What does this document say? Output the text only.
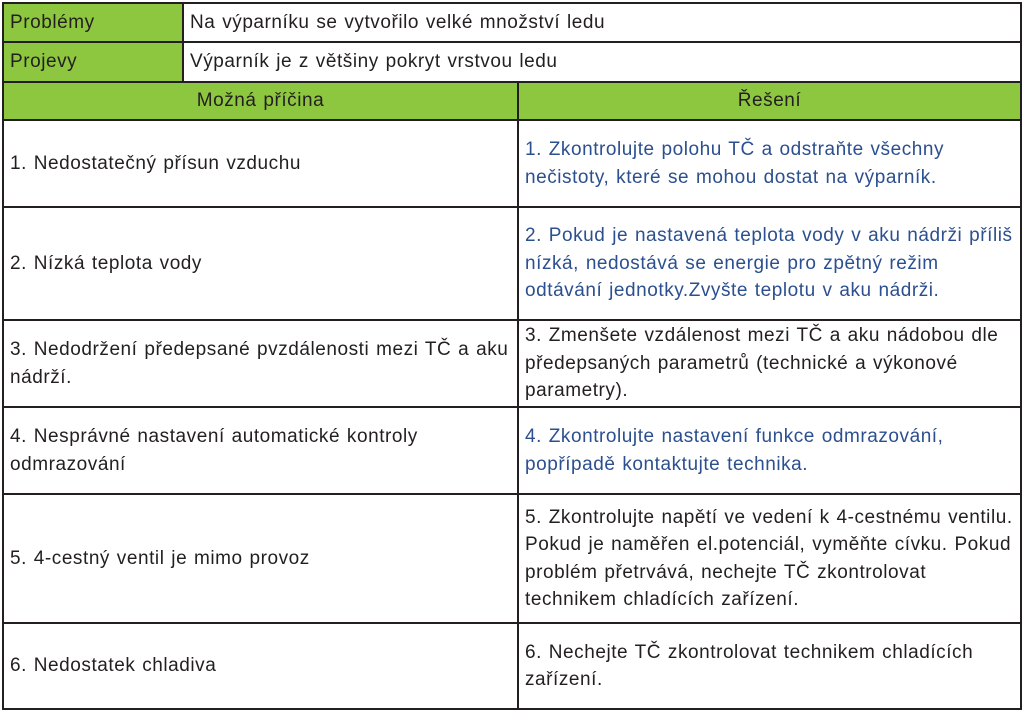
Problémy	Na výparníku se vytvořilo velké množství ledu	
Projevy	Výparník je z většiny pokryt vrstvou ledu	
Možná příčina		Řešení
1. Nedostatečný přísun vzduchu		1. Zkontrolujte polohu TČ a odstraňte všechny nečistoty, které se mohou dostat na výparník.
2. Nízká teplota vody		2. Pokud je nastavená teplota vody v aku nádrži příliš nízká, nedostává se energie pro zpětný režim odtávání jednotky.Zvyšte teplotu v aku nádrži.
3. Nedodržení předepsané pvzdálenosti mezi TČ a aku nádrží.		3. Zmenšete vzdálenost mezi TČ a aku nádobou dle předepsaných parametrů (technické a výkonové parametry).
4. Nesprávné nastavení automatické kontroly odmrazování		4. Zkontrolujte nastavení funkce odmrazování, popřípadě kontaktujte technika.
5. 4-cestný ventil je mimo provoz		5. Zkontrolujte napětí ve vedení k 4-cestnému ventilu. Pokud je naměřen el.potenciál, vyměňte cívku. Pokud problém přetrvává, nechejte TČ zkontrolovat technikem chladících zařízení.
6. Nedostatek chladiva		6. Nechejte TČ zkontrolovat technikem chladících zařízení.
